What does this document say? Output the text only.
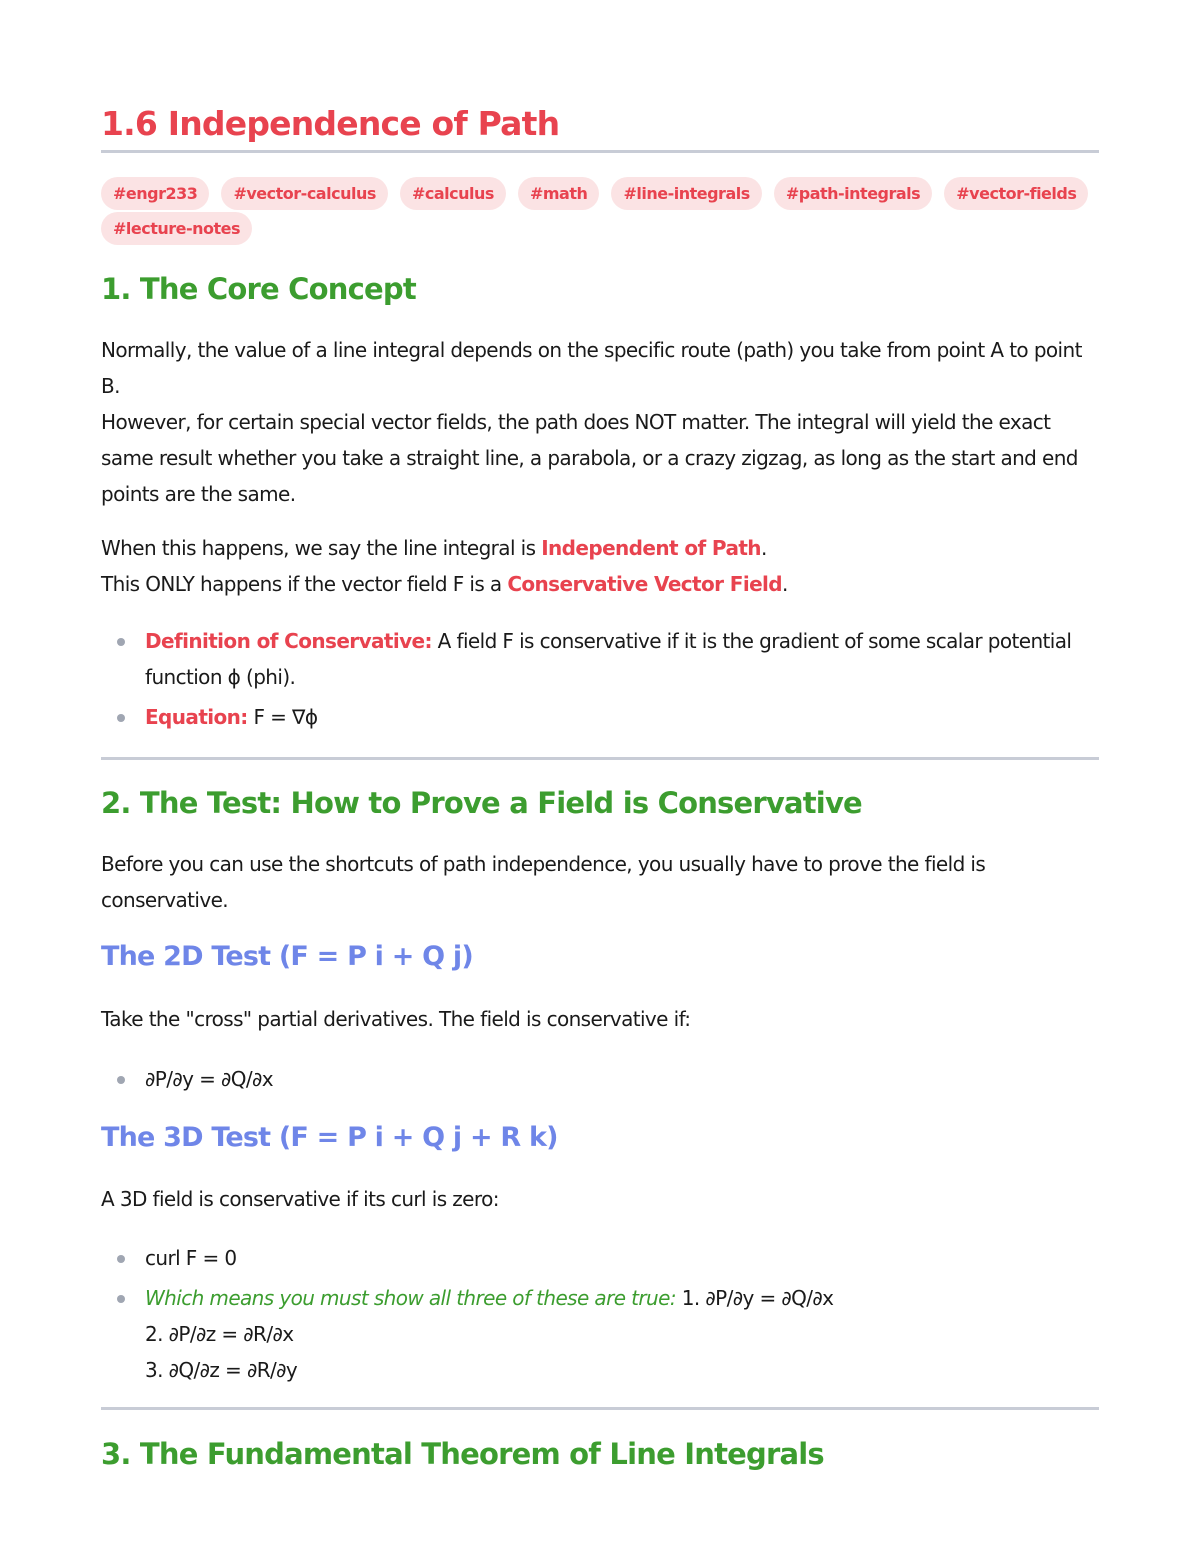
1.6 Independence of Path
#engr233 #vector-calculus #calculus #math #line-integrals #path-integrals #vector-fields #lecture-notes
1. The Core Concept

Normally, the value of a line integral depends on the specific route (path) you take from point A to point B.
However, for certain special vector fields, the path does NOT matter. The integral will yield the exact same result whether you take a straight line, a parabola, or a crazy zigzag, as long as the start and end points are the same.

When this happens, we say the line integral is Independent of Path.
This ONLY happens if the vector field F is a Conservative Vector Field.

Definition of Conservative: A field F is conservative if it is the gradient of some scalar potential function ϕ (phi).
Equation: F = ∇ϕ
2. The Test: How to Prove a Field is Conservative

Before you can use the shortcuts of path independence, you usually have to prove the field is conservative.

The 2D Test (F = P i + Q j)

Take the "cross" partial derivatives. The field is conservative if:

∂P/∂y = ∂Q/∂x
The 3D Test (F = P i + Q j + R k)

A 3D field is conservative if its curl is zero:

curl F = 0
Which means you must show all three of these are true: 1. ∂P/∂y = ∂Q/∂x
2. ∂P/∂z = ∂R/∂x
3. ∂Q/∂z = ∂R/∂y
3. The Fundamental Theorem of Line Integrals
